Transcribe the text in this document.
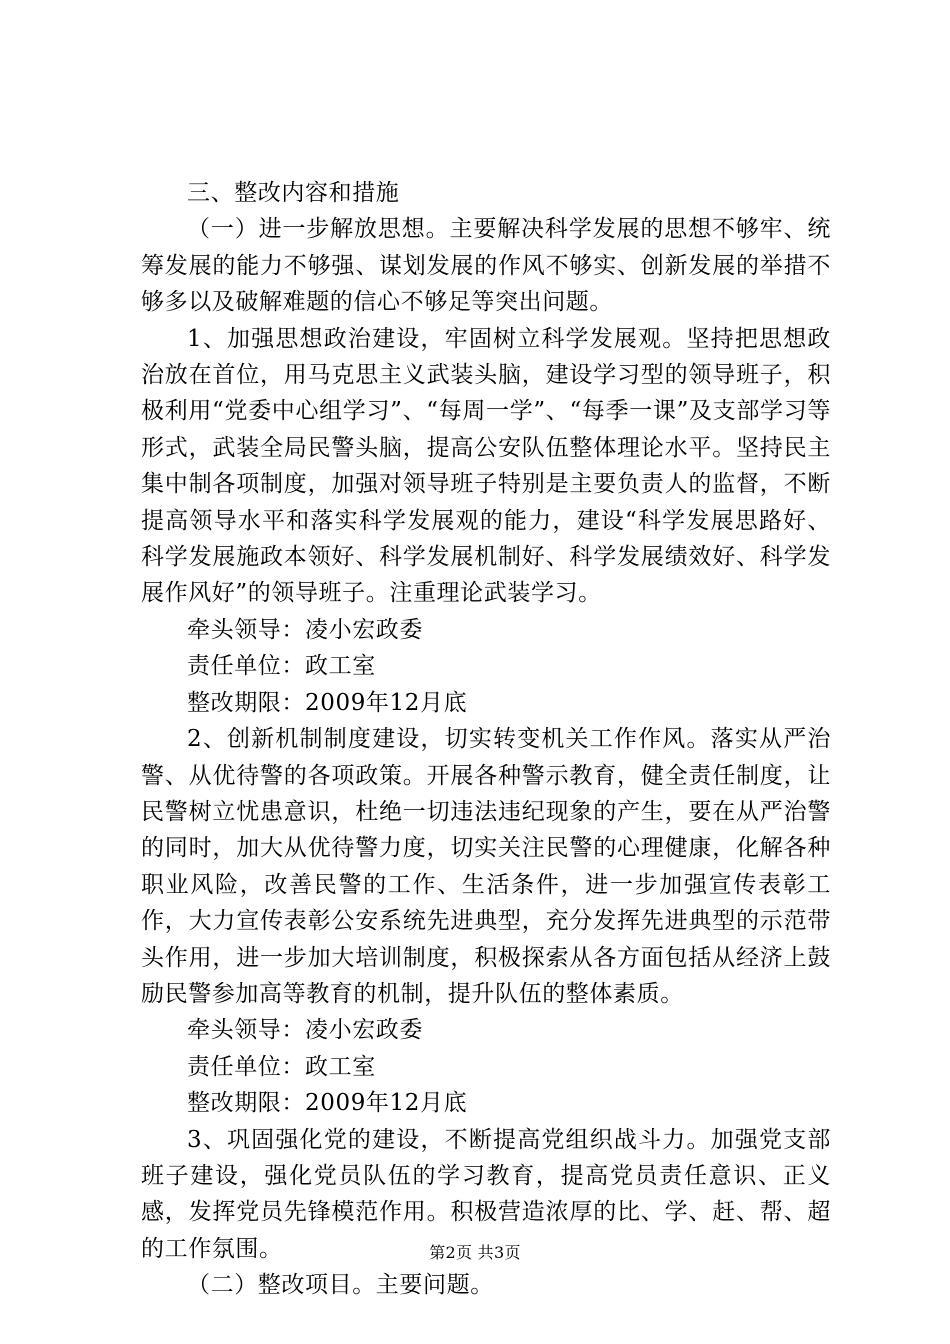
三、整改内容和措施

（一）进一步解放思想。主要解决科学发展的思想不够牢、统筹发展的能力不够强、谋划发展的作风不够实、创新发展的举措不够多以及破解难题的信心不够足等突出问题。

1、加强思想政治建设，牢固树立科学发展观。坚持把思想政治放在首位，用马克思主义武装头脑，建设学习型的领导班子，积极利用“党委中心组学习”、“每周一学”、“每季一课”及支部学习等形式，武装全局民警头脑，提高公安队伍整体理论水平。坚持民主集中制各项制度，加强对领导班子特别是主要负责人的监督，不断提高领导水平和落实科学发展观的能力，建设“科学发展思路好、科学发展施政本领好、科学发展机制好、科学发展绩效好、科学发展作风好”的领导班子。注重理论武装学习。

牵头领导：凌小宏政委

责任单位：政工室

整改期限：2009年12月底

2、创新机制制度建设，切实转变机关工作作风。落实从严治警、从优待警的各项政策。开展各种警示教育，健全责任制度，让民警树立忧患意识，杜绝一切违法违纪现象的产生，要在从严治警的同时，加大从优待警力度，切实关注民警的心理健康，化解各种职业风险，改善民警的工作、生活条件，进一步加强宣传表彰工作，大力宣传表彰公安系统先进典型，充分发挥先进典型的示范带头作用，进一步加大培训制度，积极探索从各方面包括从经济上鼓励民警参加高等教育的机制，提升队伍的整体素质。

牵头领导：凌小宏政委

责任单位：政工室

整改期限：2009年12月底

3、巩固强化党的建设，不断提高党组织战斗力。加强党支部班子建设，强化党员队伍的学习教育，提高党员责任意识、正义感，发挥党员先锋模范作用。积极营造浓厚的比、学、赶、帮、超的工作氛围。

（二）整改项目。主要问题。

第2页 共3页
